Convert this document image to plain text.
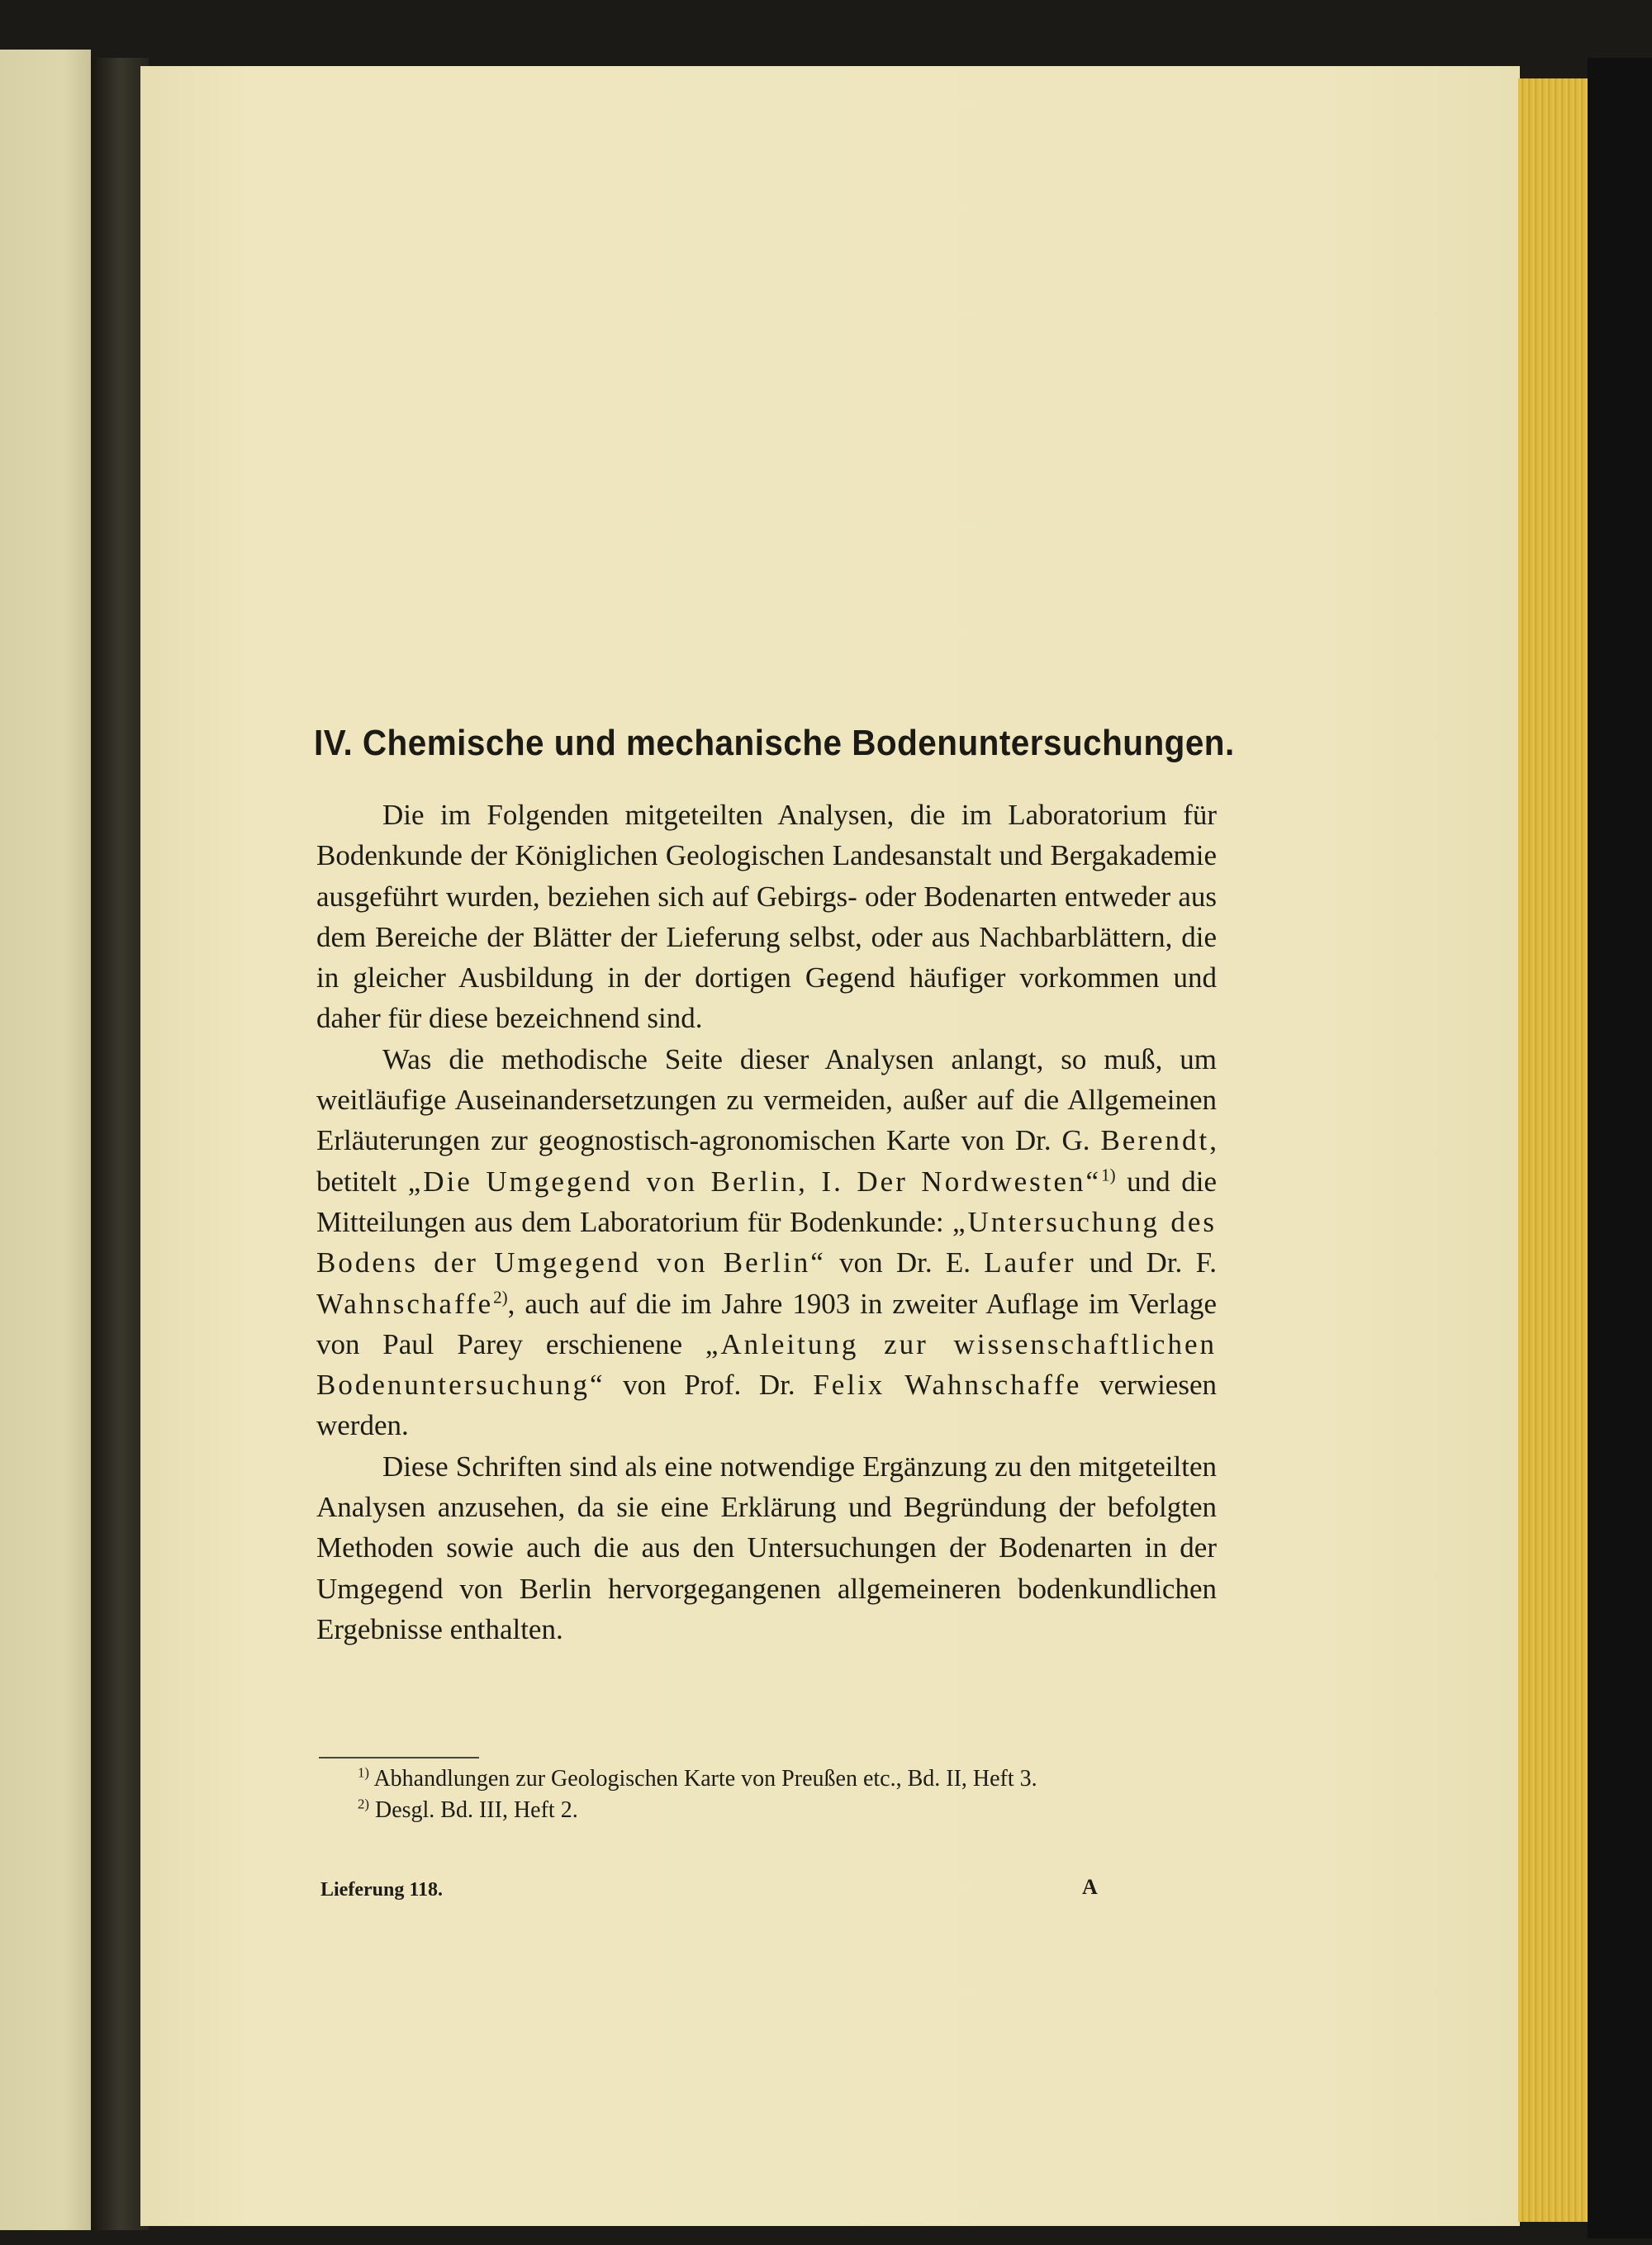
IV. Chemische und mechanische Bodenuntersuchungen.

Die im Folgenden mitgeteilten Analysen, die im Laboratorium für Bodenkunde der Königlichen Geologischen Landesanstalt und Bergakademie ausgeführt wurden, beziehen sich auf Gebirgs- oder Bodenarten entweder aus dem Bereiche der Blätter der Lieferung selbst, oder aus Nachbarblättern, die in gleicher Ausbildung in der dortigen Gegend häufiger vorkommen und daher für diese bezeichnend sind.

Was die methodische Seite dieser Analysen anlangt, so muß, um weitläufige Auseinandersetzungen zu vermeiden, außer auf die Allgemeinen Erläuterungen zur geognostisch-agronomischen Karte von Dr. G. Berendt, betitelt „Die Umgegend von Berlin, I. Der Nordwesten“$^{1)}$ und die Mitteilungen aus dem Laboratorium für Bodenkunde: „Untersuchung des Bodens der Umgegend von Berlin“ von Dr. E. Laufer und Dr. F. Wahnschaffe$^{2)}$, auch auf die im Jahre 1903 in zweiter Auflage im Verlage von Paul Parey erschienene „Anleitung zur wissenschaftlichen Bodenuntersuchung“ von Prof. Dr. Felix Wahnschaffe verwiesen werden.

Diese Schriften sind als eine notwendige Ergänzung zu den mitgeteilten Analysen anzusehen, da sie eine Erklärung und Begründung der befolgten Methoden sowie auch die aus den Untersuchungen der Bodenarten in der Umgegend von Berlin hervorgegangenen allgemeineren bodenkundlichen Ergebnisse enthalten.

$^{1)}$ Abhandlungen zur Geologischen Karte von Preußen etc., Bd. II, Heft 3.

$^{2)}$ Desgl. Bd. III, Heft 2.

Lieferung 118.	A
